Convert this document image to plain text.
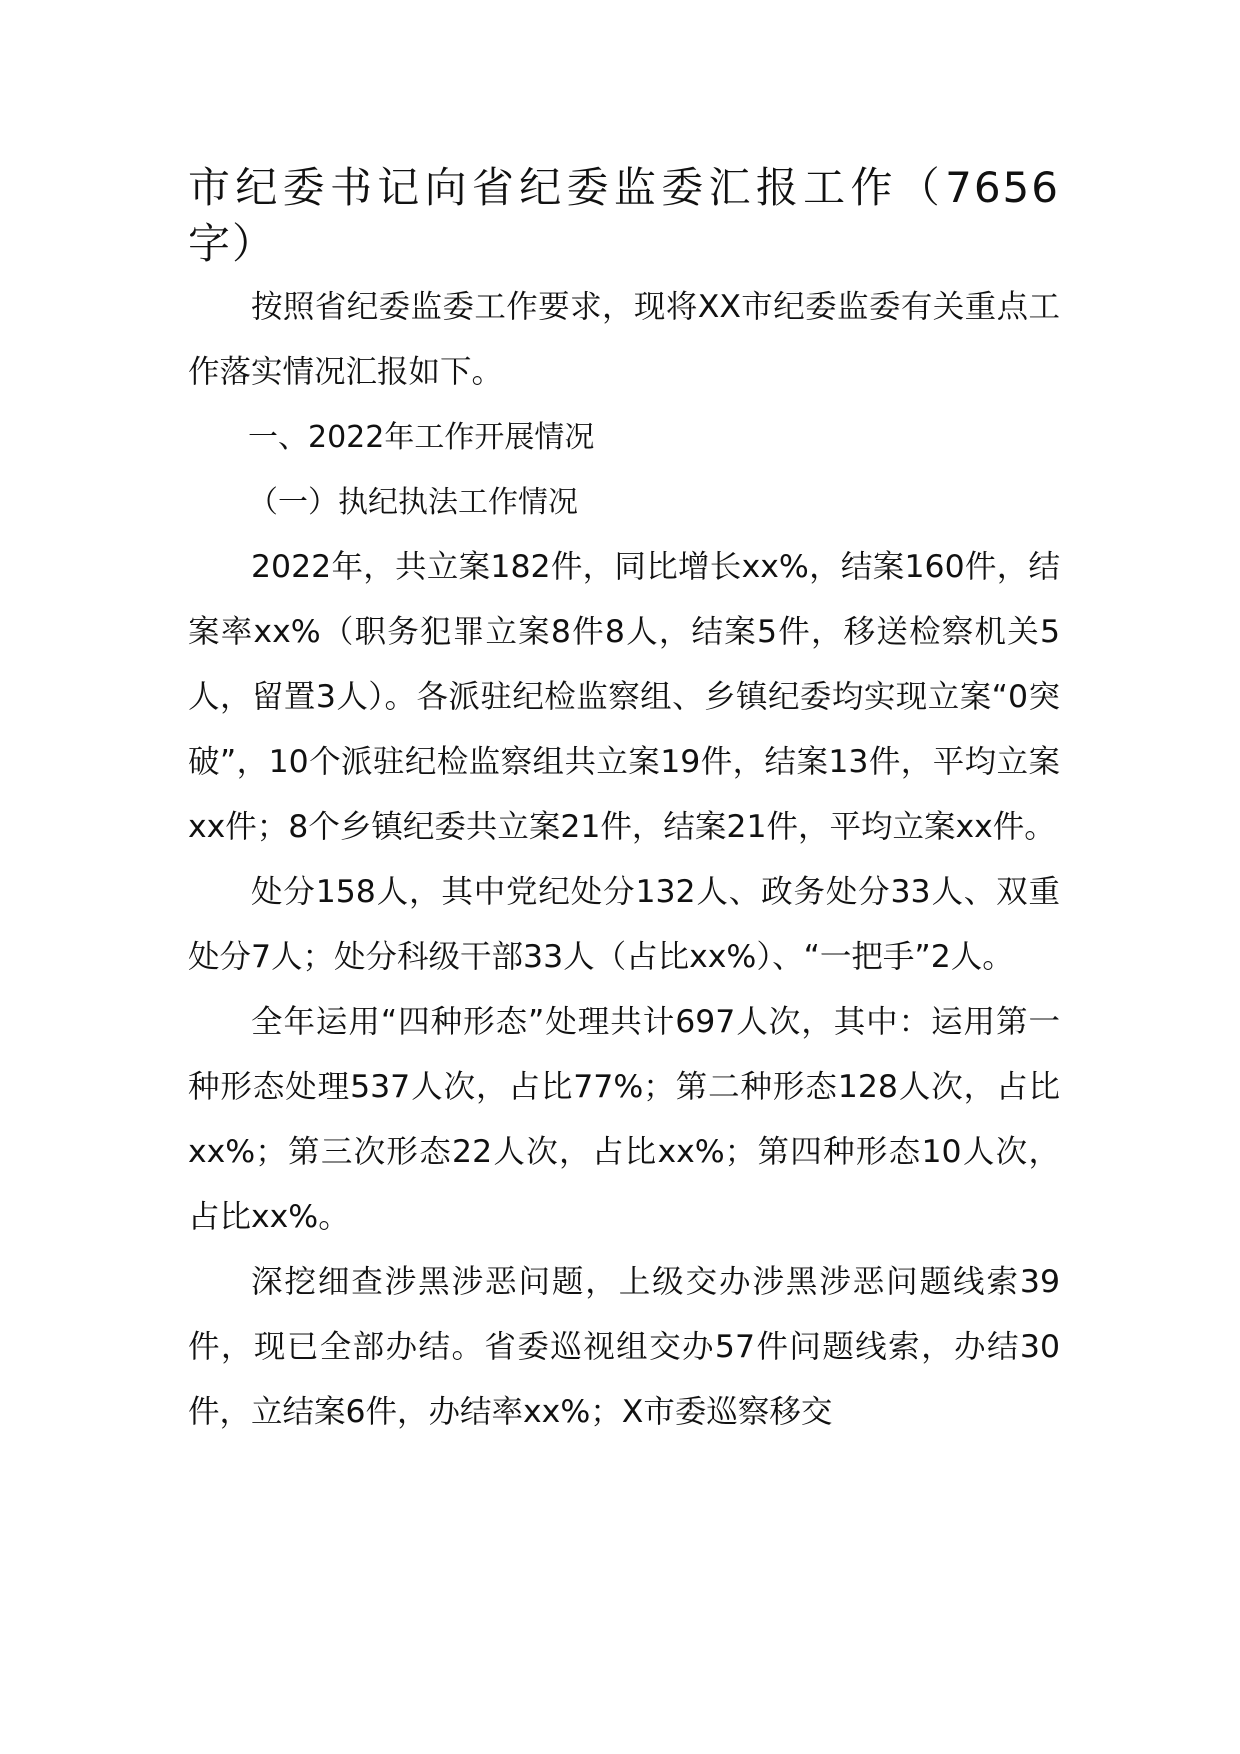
市纪委书记向省纪委监委汇报工作（7656字）

按照省纪委监委工作要求，现将XX市纪委监委有关重点工作落实情况汇报如下。

一、2022年工作开展情况

（一）执纪执法工作情况

2022年，共立案182件，同比增长xx%，结案160件，结案率xx%（职务犯罪立案8件8人，结案5件，移送检察机关5人，留置3人）。各派驻纪检监察组、乡镇纪委均实现立案“0突破”，10个派驻纪检监察组共立案19件，结案13件，平均立案xx件；8个乡镇纪委共立案21件，结案21件，平均立案xx件。

处分158人，其中党纪处分132人、政务处分33人、双重处分7人；处分科级干部33人（占比xx%）、“一把手”2人。

全年运用“四种形态”处理共计697人次，其中：运用第一种形态处理537人次，占比77%；第二种形态128人次，占比xx%；第三次形态22人次，占比xx%；第四种形态10人次，占比xx%。

深挖细查涉黑涉恶问题，上级交办涉黑涉恶问题线索39件，现已全部办结。省委巡视组交办57件问题线索，办结30件，立结案6件，办结率xx%；X市委巡察移交
